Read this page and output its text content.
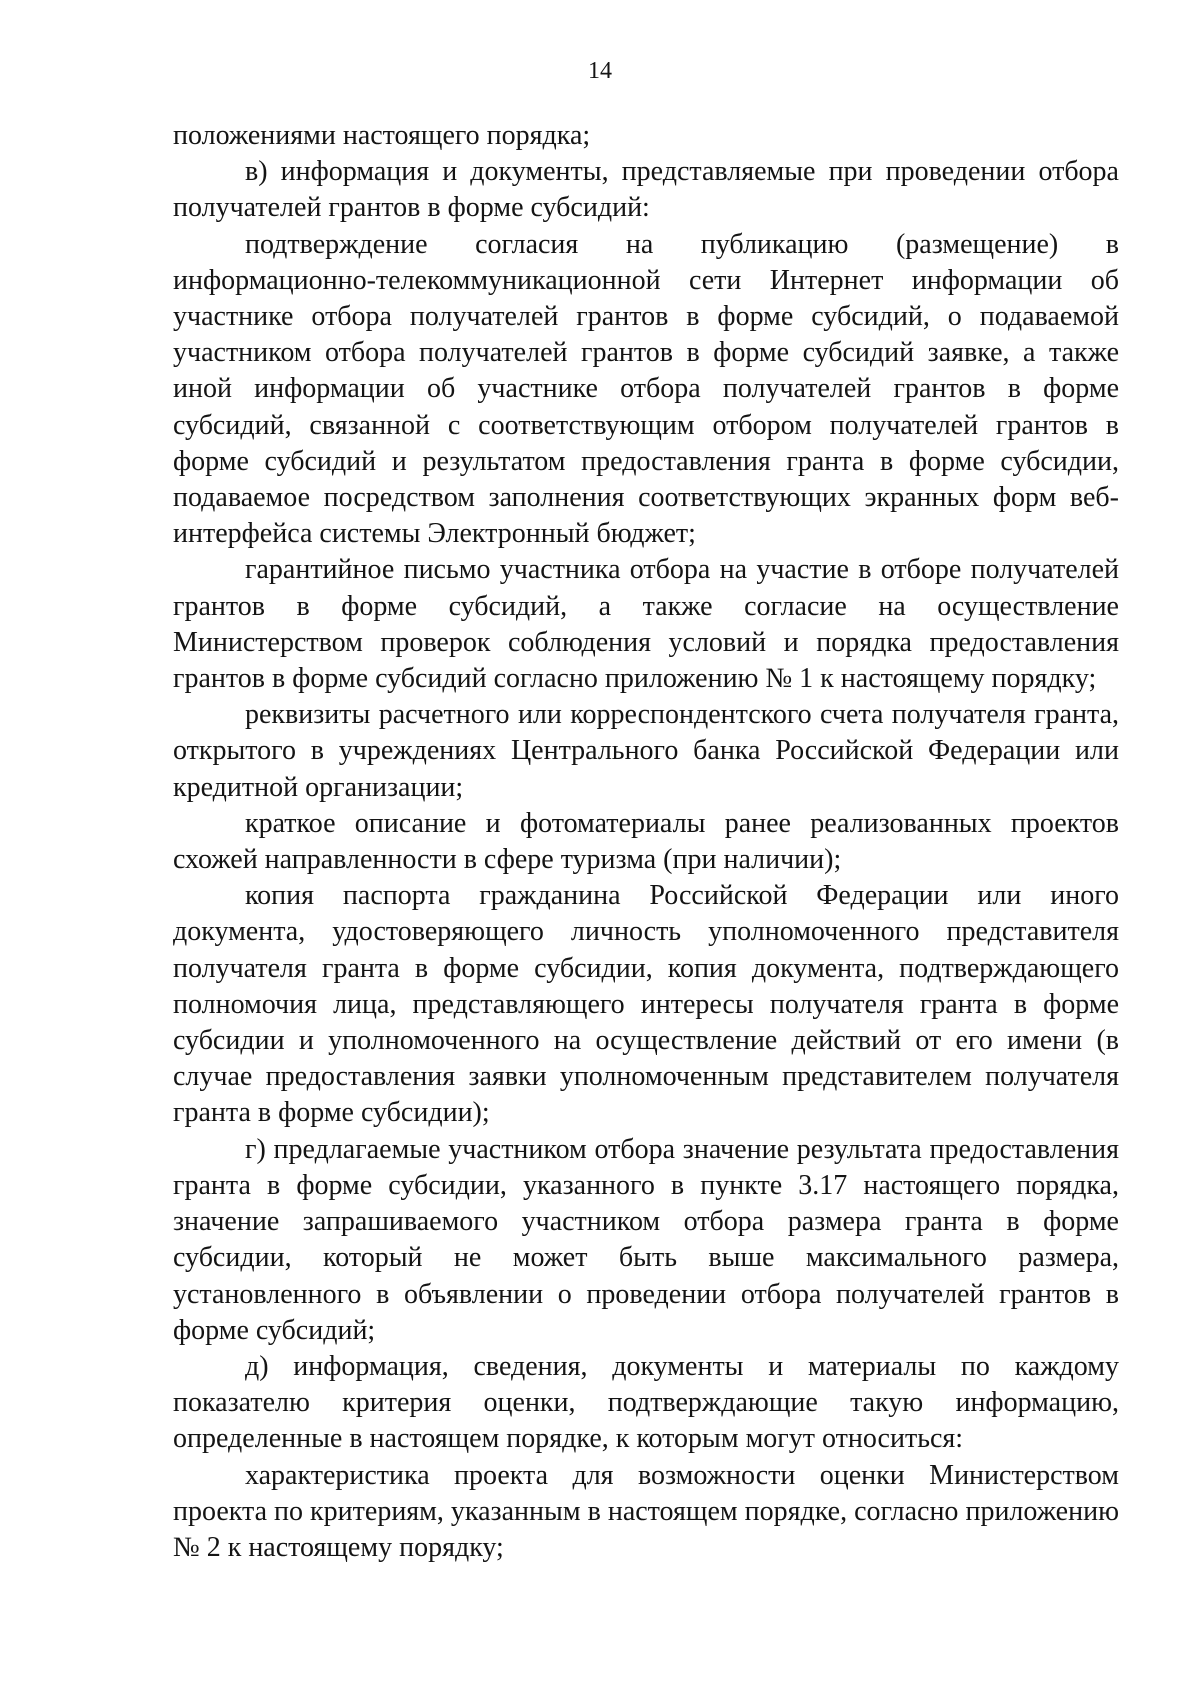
14

положениями настоящего порядка;

в) информация и документы, представляемые при проведении отбора получателей грантов в форме субсидий:

подтверждение согласия на публикацию (размещение) в информационно-телекоммуникационной сети Интернет информации об участнике отбора получателей грантов в форме субсидий, о подаваемой участником отбора получателей грантов в форме субсидий заявке, а также иной информации об участнике отбора получателей грантов в форме субсидий, связанной с соответствующим отбором получателей грантов в форме субсидий и результатом предоставления гранта в форме субсидии, подаваемое посредством заполнения соответствующих экранных форм веб-интерфейса системы Электронный бюджет;

гарантийное письмо участника отбора на участие в отборе получателей грантов в форме субсидий, а также согласие на осуществление Министерством проверок соблюдения условий и порядка предоставления грантов в форме субсидий согласно приложению № 1 к настоящему порядку;

реквизиты расчетного или корреспондентского счета получателя гранта, открытого в учреждениях Центрального банка Российской Федерации или кредитной организации;

краткое описание и фотоматериалы ранее реализованных проектов схожей направленности в сфере туризма (при наличии);

копия паспорта гражданина Российской Федерации или иного документа, удостоверяющего личность уполномоченного представителя получателя гранта в форме субсидии, копия документа, подтверждающего полномочия лица, представляющего интересы получателя гранта в форме субсидии и уполномоченного на осуществление действий от его имени (в случае предоставления заявки уполномоченным представителем получателя гранта в форме субсидии);

г) предлагаемые участником отбора значение результата предоставления гранта в форме субсидии, указанного в пункте 3.17 настоящего порядка, значение запрашиваемого участником отбора размера гранта в форме субсидии, который не может быть выше максимального размера, установленного в объявлении о проведении отбора получателей грантов в форме субсидий;

д) информация, сведения, документы и материалы по каждому показателю критерия оценки, подтверждающие такую информацию, определенные в настоящем порядке, к которым могут относиться:

характеристика проекта для возможности оценки Министерством проекта по критериям, указанным в настоящем порядке, согласно приложению № 2 к настоящему порядку;
